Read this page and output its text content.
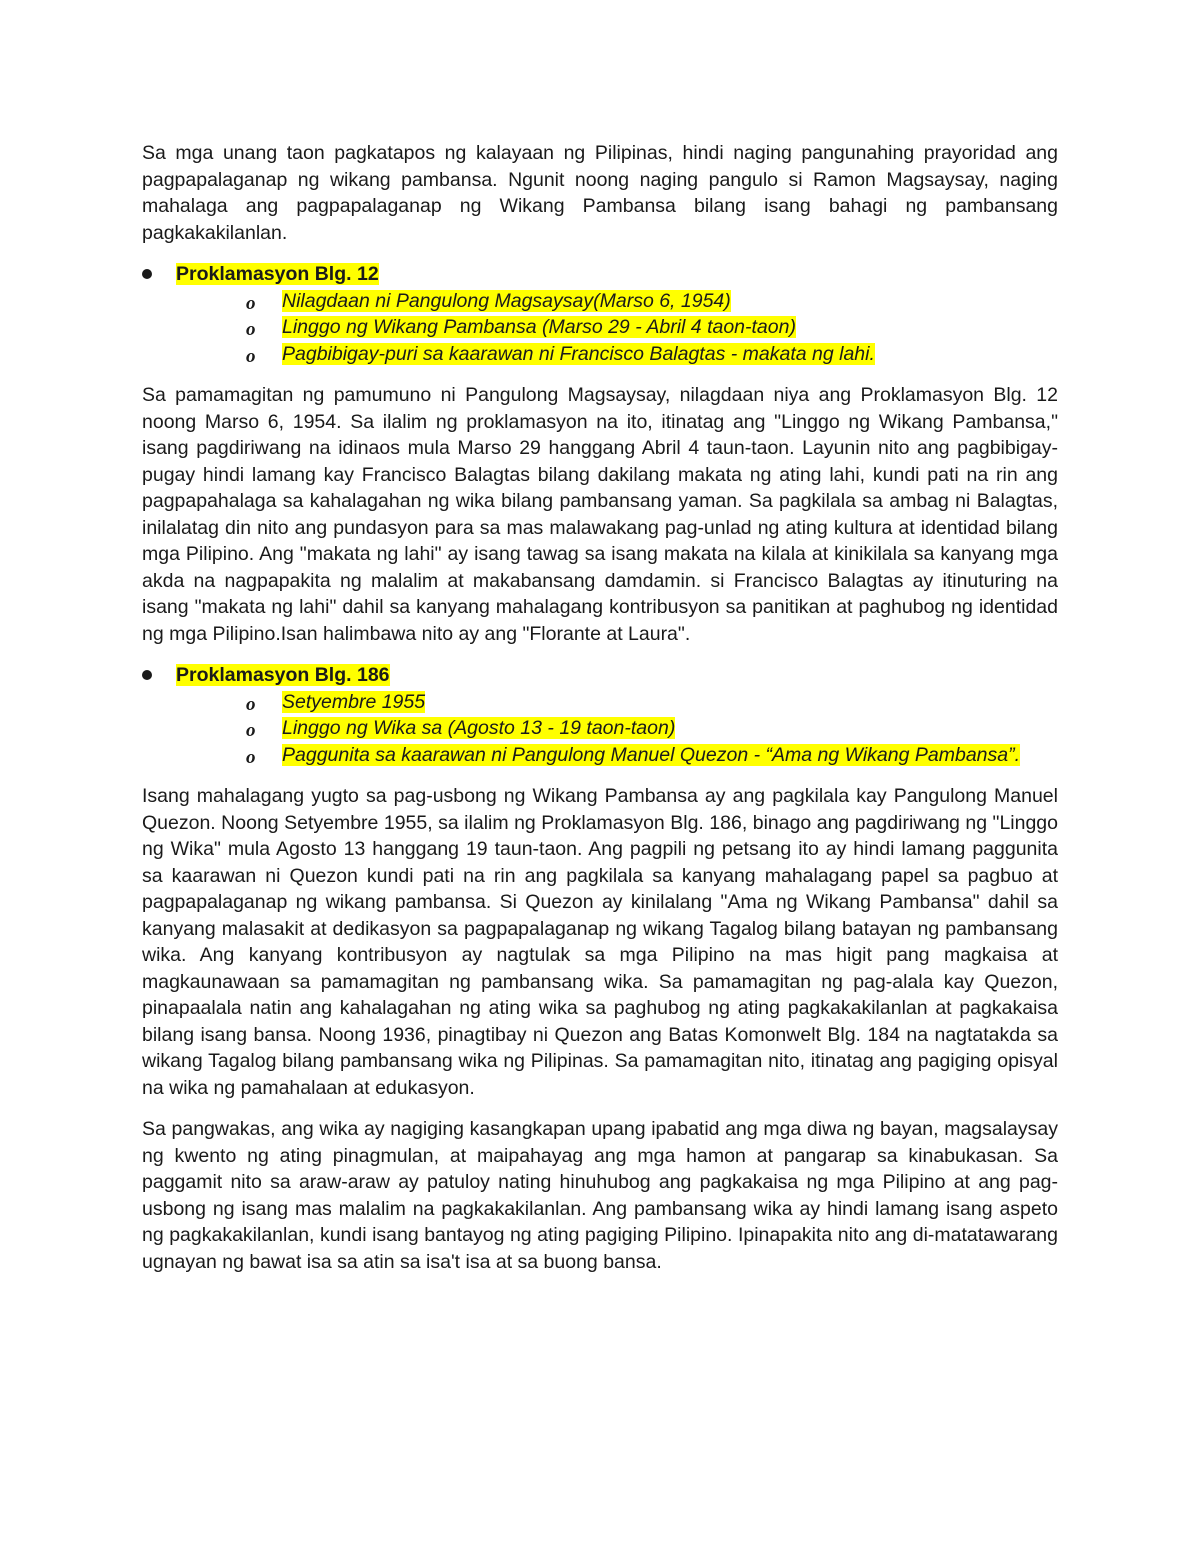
Sa mga unang taon pagkatapos ng kalayaan ng Pilipinas, hindi naging pangunahing prayoridad ang pagpapalaganap ng wikang pambansa. Ngunit noong naging pangulo si Ramon Magsaysay, naging mahalaga ang pagpapalaganap ng Wikang Pambansa bilang isang bahagi ng pambansang pagkakakilanlan.

Proklamasyon Blg. 12
o Nilagdaan ni Pangulong Magsaysay(Marso 6, 1954)
o Linggo ng Wikang Pambansa (Marso 29 - Abril 4 taon-taon)
o Pagbibigay-puri sa kaarawan ni Francisco Balagtas - makata ng lahi.

Sa pamamagitan ng pamumuno ni Pangulong Magsaysay, nilagdaan niya ang Proklamasyon Blg. 12 noong Marso 6, 1954. Sa ilalim ng proklamasyon na ito, itinatag ang "Linggo ng Wikang Pambansa," isang pagdiriwang na idinaos mula Marso 29 hanggang Abril 4 taun-taon. Layunin nito ang pagbibigay-pugay hindi lamang kay Francisco Balagtas bilang dakilang makata ng ating lahi, kundi pati na rin ang pagpapahalaga sa kahalagahan ng wika bilang pambansang yaman. Sa pagkilala sa ambag ni Balagtas, inilalatag din nito ang pundasyon para sa mas malawakang pag-unlad ng ating kultura at identidad bilang mga Pilipino. Ang "makata ng lahi" ay isang tawag sa isang makata na kilala at kinikilala sa kanyang mga akda na nagpapakita ng malalim at makabansang damdamin. si Francisco Balagtas ay itinuturing na isang "makata ng lahi" dahil sa kanyang mahalagang kontribusyon sa panitikan at paghubog ng identidad ng mga Pilipino.Isan halimbawa nito ay ang "Florante at Laura".

Proklamasyon Blg. 186
o Setyembre 1955
o Linggo ng Wika sa (Agosto 13 - 19 taon-taon)
o Paggunita sa kaarawan ni Pangulong Manuel Quezon - “Ama ng Wikang Pambansa”.

Isang mahalagang yugto sa pag-usbong ng Wikang Pambansa ay ang pagkilala kay Pangulong Manuel Quezon. Noong Setyembre 1955, sa ilalim ng Proklamasyon Blg. 186, binago ang pagdiriwang ng "Linggo ng Wika" mula Agosto 13 hanggang 19 taun-taon. Ang pagpili ng petsang ito ay hindi lamang paggunita sa kaarawan ni Quezon kundi pati na rin ang pagkilala sa kanyang mahalagang papel sa pagbuo at pagpapalaganap ng wikang pambansa. Si Quezon ay kinilalang "Ama ng Wikang Pambansa" dahil sa kanyang malasakit at dedikasyon sa pagpapalaganap ng wikang Tagalog bilang batayan ng pambansang wika. Ang kanyang kontribusyon ay nagtulak sa mga Pilipino na mas higit pang magkaisa at magkaunawaan sa pamamagitan ng pambansang wika. Sa pamamagitan ng pag-alala kay Quezon, pinapaalala natin ang kahalagahan ng ating wika sa paghubog ng ating pagkakakilanlan at pagkakaisa bilang isang bansa. Noong 1936, pinagtibay ni Quezon ang Batas Komonwelt Blg. 184 na nagtatakda sa wikang Tagalog bilang pambansang wika ng Pilipinas. Sa pamamagitan nito, itinatag ang pagiging opisyal na wika ng pamahalaan at edukasyon.

Sa pangwakas, ang wika ay nagiging kasangkapan upang ipabatid ang mga diwa ng bayan, magsalaysay ng kwento ng ating pinagmulan, at maipahayag ang mga hamon at pangarap sa kinabukasan. Sa paggamit nito sa araw-araw ay patuloy nating hinuhubog ang pagkakaisa ng mga Pilipino at ang pag-usbong ng isang mas malalim na pagkakakilanlan. Ang pambansang wika ay hindi lamang isang aspeto ng pagkakakilanlan, kundi isang bantayog ng ating pagiging Pilipino. Ipinapakita nito ang di-matatawarang ugnayan ng bawat isa sa atin sa isa't isa at sa buong bansa.
